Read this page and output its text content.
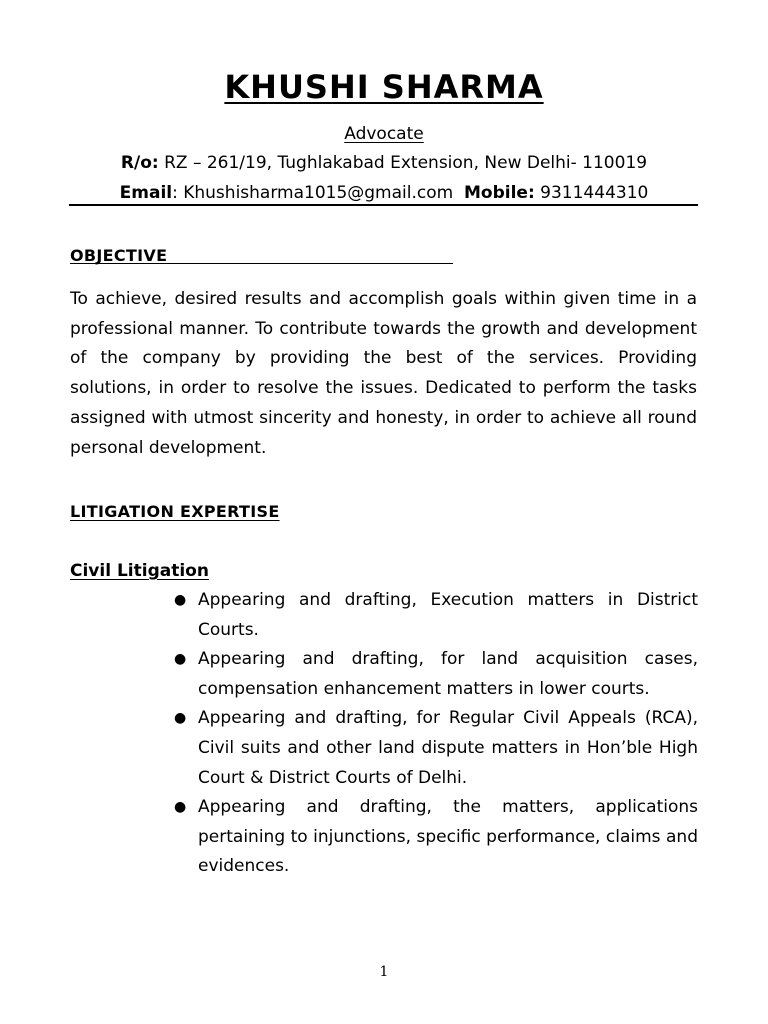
KHUSHI SHARMA
Advocate
R/o: RZ – 261/19, Tughlakabad Extension, New Delhi- 110019
Email: Khushisharma1015@gmail.com Mobile: 9311444310
OBJECTIVE
To achieve, desired results and accomplish goals within given time in a professional manner. To contribute towards the growth and development of the company by providing the best of the services. Providing solutions, in order to resolve the issues. Dedicated to perform the tasks assigned with utmost sincerity and honesty, in order to achieve all round personal development.
LITIGATION EXPERTISE
Civil Litigation
● Appearing and drafting, Execution matters in District Courts.
● Appearing and drafting, for land acquisition cases, compensation enhancement matters in lower courts.
● Appearing and drafting, for Regular Civil Appeals (RCA), Civil suits and other land dispute matters in Hon’ble High Court & District Courts of Delhi.
● Appearing and drafting, the matters, applications pertaining to injunctions, specific performance, claims and evidences.
1
